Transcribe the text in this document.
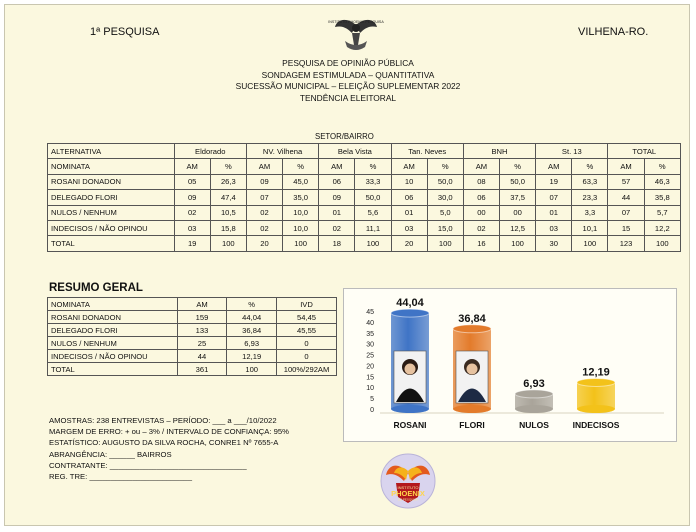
1ª PESQUISA	VILHENA-RO.
INSTITUTO PHOENIX PESQUISA
PESQUISA DE OPINIÃO PÚBLICA
SONDAGEM ESTIMULADA – QUANTITATIVA
SUCESSÃO MUNICIPAL – ELEIÇÃO SUPLEMENTAR 2022
TENDÊNCIA ELEITORAL
SETOR/BAIRRO
ALTERNATIVA	Eldorado		NV. Vilhena		Bela Vista		Tan. Neves		BNH		St. 13		TOTAL	
NOMINATA	AM	%	AM	%	AM	%	AM	%	AM	%	AM	%	AM	%
ROSANI DONADON	05	26,3	09	45,0	06	33,3	10	50,0	08	50,0	19	63,3	57	46,3
DELEGADO FLORI	09	47,4	07	35,0	09	50,0	06	30,0	06	37,5	07	23,3	44	35,8
NULOS / NENHUM	02	10,5	02	10,0	01	5,6	01	5,0	00	00	01	3,3	07	5,7
INDECISOS / NÃO OPINOU	03	15,8	02	10,0	02	11,1	03	15,0	02	12,5	03	10,1	15	12,2
TOTAL	19	100	20	100	18	100	20	100	16	100	30	100	123	100
RESUMO GERAL
NOMINATA	AM	%	IVD
ROSANI DONADON	159	44,04	54,45
DELEGADO FLORI	133	36,84	45,55
NULOS / NENHUM	25	6,93	0
INDECISOS / NÃO OPINOU	44	12,19	0
TOTAL	361	100	100%/292AM
0
5
10
15
20
25
30
35
40
45
44,04
ROSANI
36,84
FLORI
6,93
NULOS
12,19
INDECISOS
AMOSTRAS: 238 ENTREVISTAS – PERÍODO: ___ a ___/10/2022
MARGEM DE ERRO: + ou – 3% / INTERVALO DE CONFIANÇA: 95%
ESTATÍSTICO: AUGUSTO DA SILVA ROCHA, CONRE1 Nº 7655-A
ABRANGÊNCIA: ______ BAIRROS
CONTRATANTE: ________________________________
REG. TRE: ________________________
INSTITUTO
PHOENIX
DE PESQUISA
